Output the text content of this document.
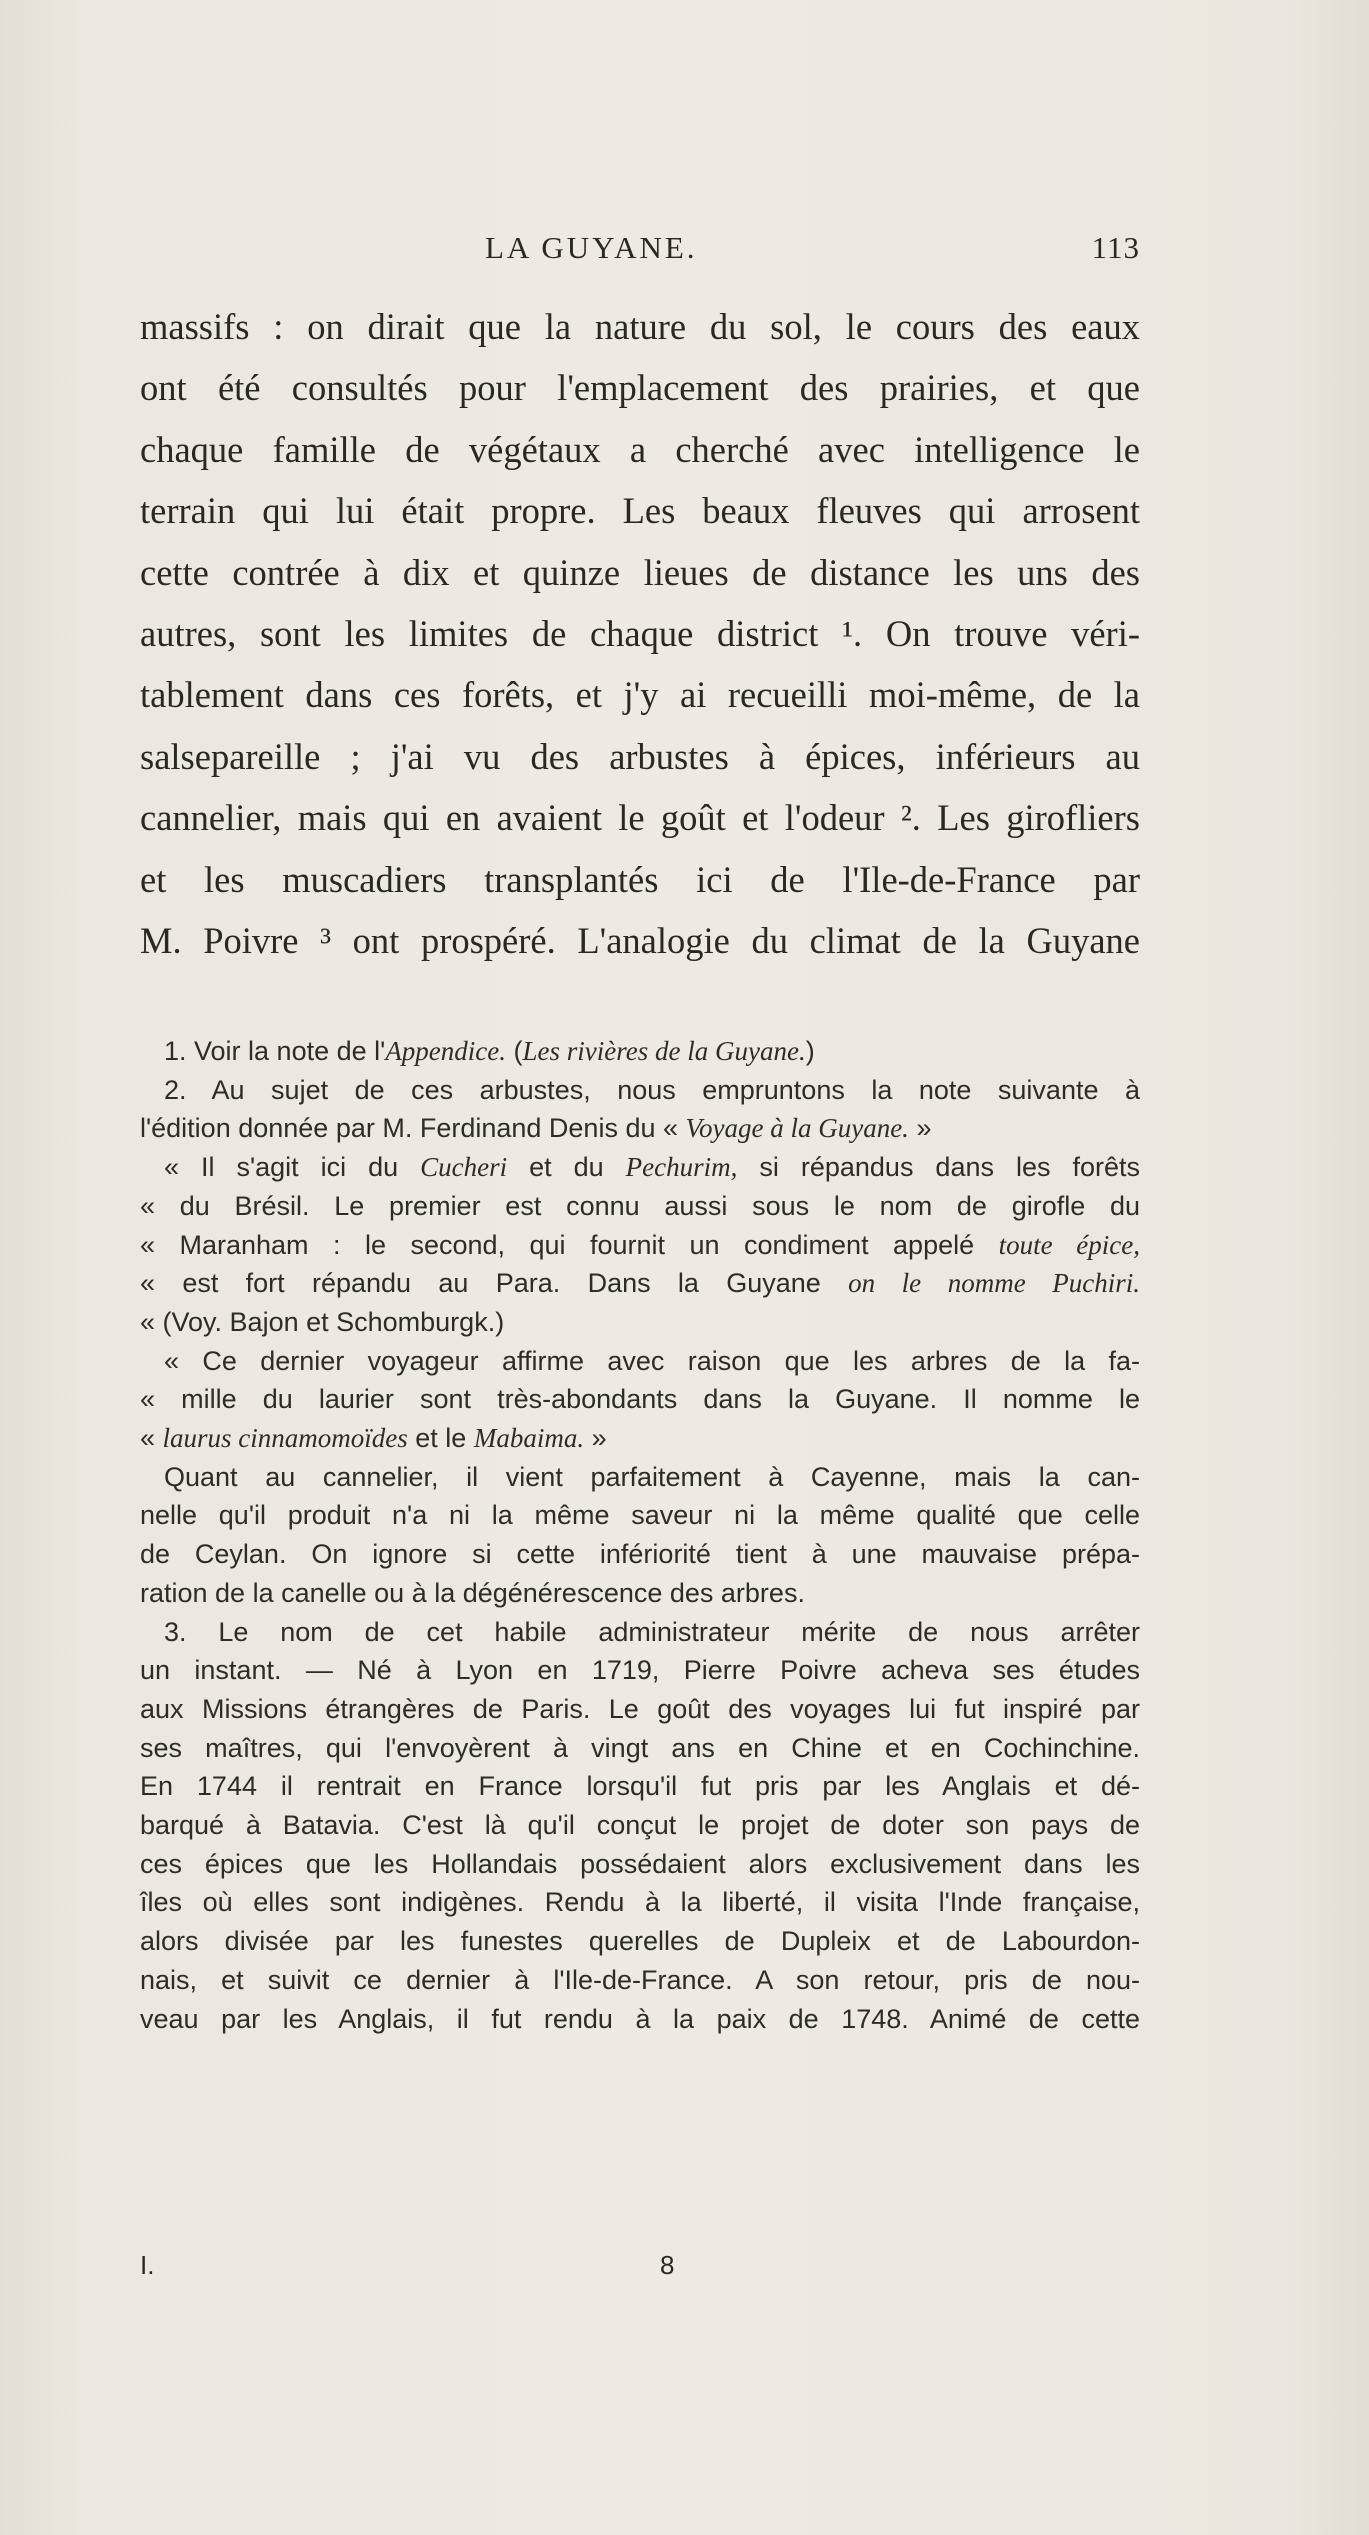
LA GUYANE.	113
massifs : on dirait que la nature du sol, le cours des eaux
ont été consultés pour l'emplacement des prairies, et que
chaque famille de végétaux a cherché avec intelligence le
terrain qui lui était propre. Les beaux fleuves qui arrosent
cette contrée à dix et quinze lieues de distance les uns des
autres, sont les limites de chaque district ¹. On trouve véri-
tablement dans ces forêts, et j'y ai recueilli moi-même, de la
salsepareille ; j'ai vu des arbustes à épices, inférieurs au
cannelier, mais qui en avaient le goût et l'odeur ². Les girofliers
et les muscadiers transplantés ici de l'Ile-de-France par
M. Poivre ³ ont prospéré. L'analogie du climat de la Guyane
1. Voir la note de l'Appendice. (Les rivières de la Guyane.)
2. Au sujet de ces arbustes, nous empruntons la note suivante à
l'édition donnée par M. Ferdinand Denis du « Voyage à la Guyane. »
« Il s'agit ici du Cucheri et du Pechurim, si répandus dans les forêts
« du Brésil. Le premier est connu aussi sous le nom de girofle du
« Maranham : le second, qui fournit un condiment appelé toute épice,
« est fort répandu au Para. Dans la Guyane on le nomme Puchiri.
« (Voy. Bajon et Schomburgk.)
« Ce dernier voyageur affirme avec raison que les arbres de la fa-
« mille du laurier sont très-abondants dans la Guyane. Il nomme le
« laurus cinnamomoïdes et le Mabaima. »
Quant au cannelier, il vient parfaitement à Cayenne, mais la can-
nelle qu'il produit n'a ni la même saveur ni la même qualité que celle
de Ceylan. On ignore si cette infériorité tient à une mauvaise prépa-
ration de la canelle ou à la dégénérescence des arbres.
3. Le nom de cet habile administrateur mérite de nous arrêter
un instant. — Né à Lyon en 1719, Pierre Poivre acheva ses études
aux Missions étrangères de Paris. Le goût des voyages lui fut inspiré par
ses maîtres, qui l'envoyèrent à vingt ans en Chine et en Cochinchine.
En 1744 il rentrait en France lorsqu'il fut pris par les Anglais et dé-
barqué à Batavia. C'est là qu'il conçut le projet de doter son pays de
ces épices que les Hollandais possédaient alors exclusivement dans les
îles où elles sont indigènes. Rendu à la liberté, il visita l'Inde française,
alors divisée par les funestes querelles de Dupleix et de Labourdon-
nais, et suivit ce dernier à l'Ile-de-France. A son retour, pris de nou-
veau par les Anglais, il fut rendu à la paix de 1748. Animé de cette
I.	8
